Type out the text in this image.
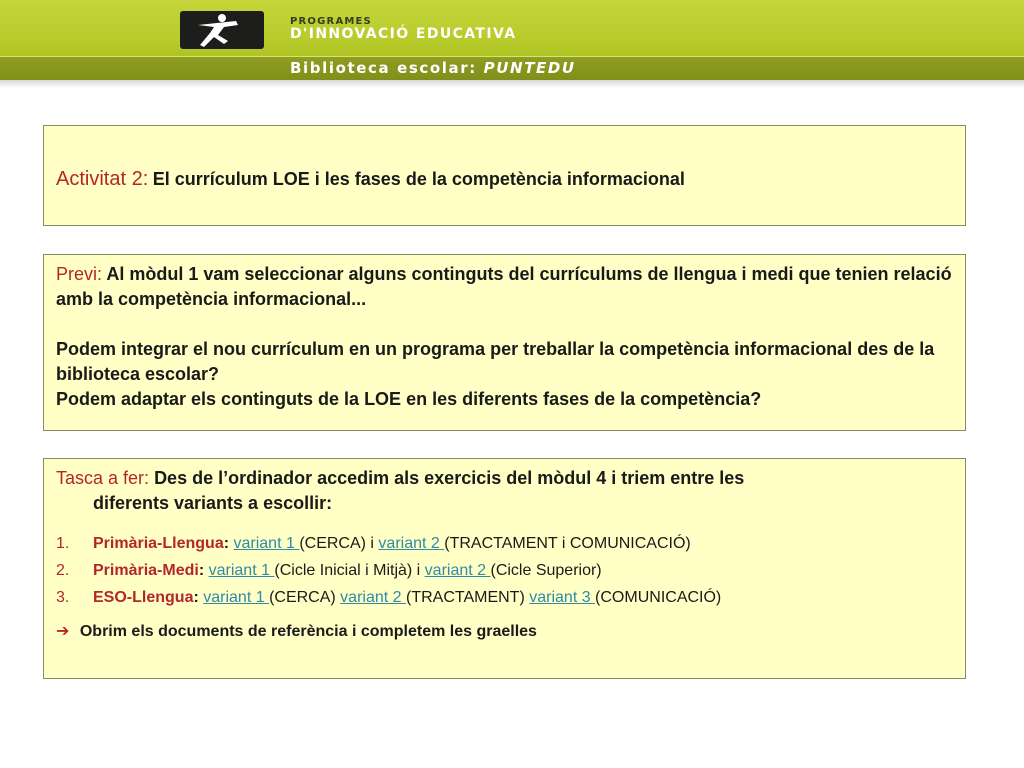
PROGRAMES
D'INNOVACIÓ EDUCATIVA
Biblioteca escolar: PUNTEDU
Activitat 2: El currículum LOE i les fases de la competència informacional

Previ: Al mòdul 1 vam seleccionar alguns continguts del currículums de llengua i medi que tenien relació amb la competència informacional...

Podem integrar el nou currículum en un programa per treballar la competència informacional des de la biblioteca escolar?

Podem adaptar els continguts de la LOE en les diferents fases de la competència?

Tasca a fer: Des de l’ordinador accedim als exercicis del mòdul 4 i triem entre les

diferents variants a escollir:

1. Primària-Llengua: variant 1 (CERCA) i variant 2 (TRACTAMENT i COMUNICACIÓ)
2. Primària-Medi: variant 1 (Cicle Inicial i Mitjà) i variant 2 (Cicle Superior)
3. ESO-Llengua: variant 1 (CERCA) variant 2 (TRACTAMENT) variant 3 (COMUNICACIÓ)
➔ Obrim els documents de referència i completem les graelles
